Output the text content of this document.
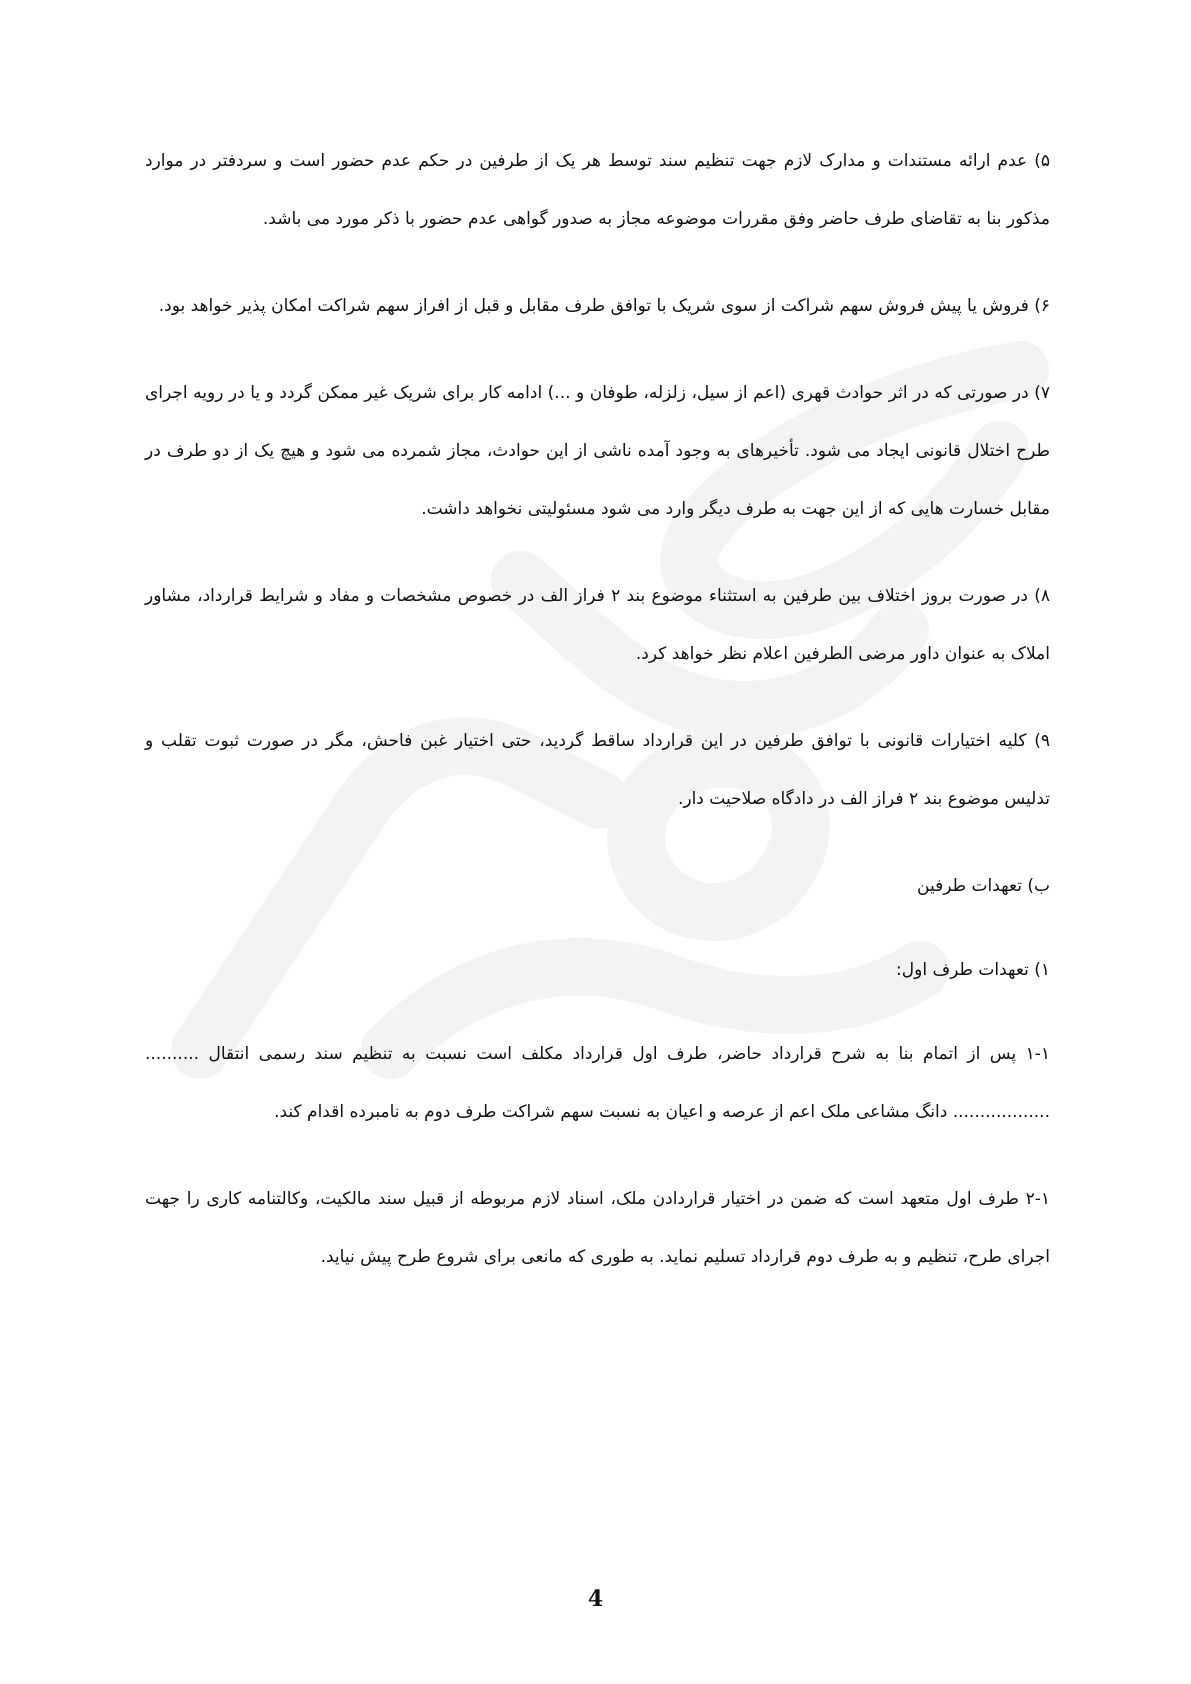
۵) عدم ارائه مستندات و مدارک لازم جهت تنظیم سند توسط هر یک از طرفین در حکم عدم حضور است و سردفتر در موارد مذکور بنا به تقاضای طرف حاضر وفق مقررات موضوعه مجاز به صدور گواهی عدم حضور با ذکر مورد می باشد.

۶) فروش یا پیش فروش سهم شراکت از سوی شریک با توافق طرف مقابل و قبل از افراز سهم شراکت امکان پذیر خواهد بود.

۷) در صورتی که در اثر حوادث قهری (اعم از سیل، زلزله، طوفان و ...) ادامه کار برای شریک غیر ممکن گردد و یا در رویه اجرای طرح اختلال قانونی ایجاد می شود. تأخیرهای به وجود آمده ناشی از این حوادث، مجاز شمرده می شود و هیچ یک از دو طرف در مقابل خسارت هایی که از این جهت به طرف دیگر وارد می شود مسئولیتی نخواهد داشت.

۸) در صورت بروز اختلاف بین طرفین به استثناء موضوع بند ۲ فراز الف در خصوص مشخصات و مفاد و شرایط قرارداد، مشاور املاک به عنوان داور مرضی الطرفین اعلام نظر خواهد کرد.

۹) کلیه اختیارات قانونی با توافق طرفین در این قرارداد ساقط گردید، حتی اختیار غبن فاحش، مگر در صورت ثبوت تقلب و تدلیس موضوع بند ۲ فراز الف در دادگاه صلاحیت دار.

ب) تعهدات طرفین

۱) تعهدات طرف اول:

۱-۱ پس از اتمام بنا به شرح قرارداد حاضر، طرف اول قرارداد مکلف است نسبت به تنظیم سند رسمی انتقال .......... .................. دانگ مشاعی ملک اعم از عرصه و اعیان به نسبت سهم شراکت طرف دوم به نامبرده اقدام کند.

۲-۱ طرف اول متعهد است که ضمن در اختیار قراردادن ملک، اسناد لازم مربوطه از قبیل سند مالکیت، وکالتنامه کاری را جهت اجرای طرح، تنظیم و به طرف دوم قرارداد تسلیم نماید. به طوری که مانعی برای شروع طرح پیش نیاید.

4
